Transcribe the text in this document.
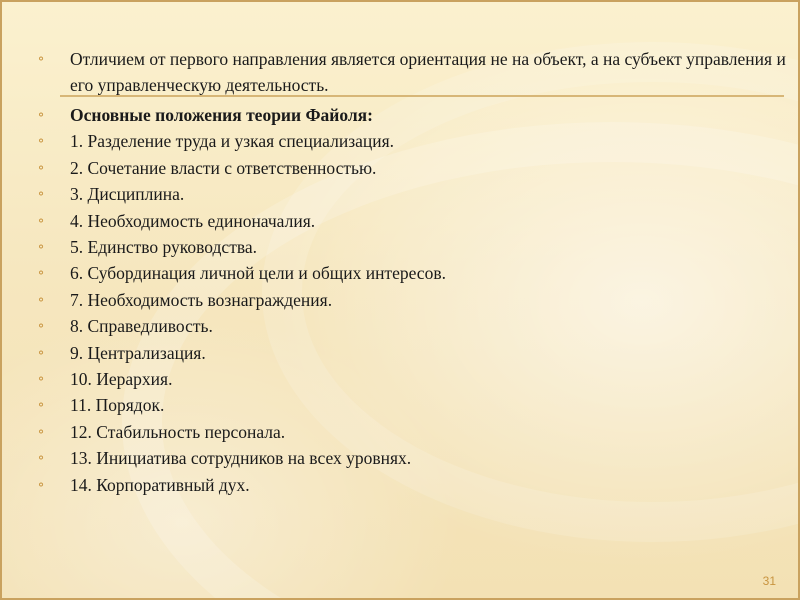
⚬ Отличием от первого направления является ориентация не на объект, а на субъект управления и его управленческую деятельность.
⚬ Основные положения теории Файоля:
⚬ 1. Разделение труда и узкая специализация.
⚬ 2. Сочетание власти с ответственностью.
⚬ 3. Дисциплина.
⚬ 4. Необходимость единоначалия.
⚬ 5. Единство руководства.
⚬ 6. Субординация личной цели и общих интересов.
⚬ 7. Необходимость вознаграждения.
⚬ 8. Справедливость.
⚬ 9. Централизация.
⚬ 10. Иерархия.
⚬ 11. Порядок.
⚬ 12. Стабильность персонала.
⚬ 13. Инициатива сотрудников на всех уровнях.
⚬ 14. Корпоративный дух.
31
